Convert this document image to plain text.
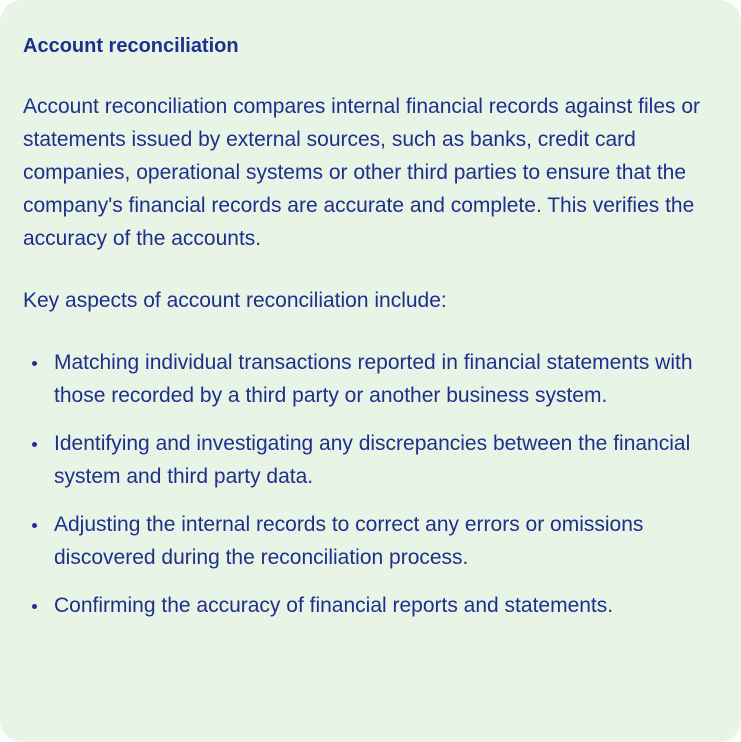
Account reconciliation

Account reconciliation compares internal financial records against files or statements issued by external sources, such as banks, credit card companies, operational systems or other third parties to ensure that the company's financial records are accurate and complete. This verifies the accuracy of the accounts.

Key aspects of account reconciliation include:

Matching individual transactions reported in financial statements with those recorded by a third party or another business system.
Identifying and investigating any discrepancies between the financial system and third party data.
Adjusting the internal records to correct any errors or omissions discovered during the reconciliation process.
Confirming the accuracy of financial reports and statements.
